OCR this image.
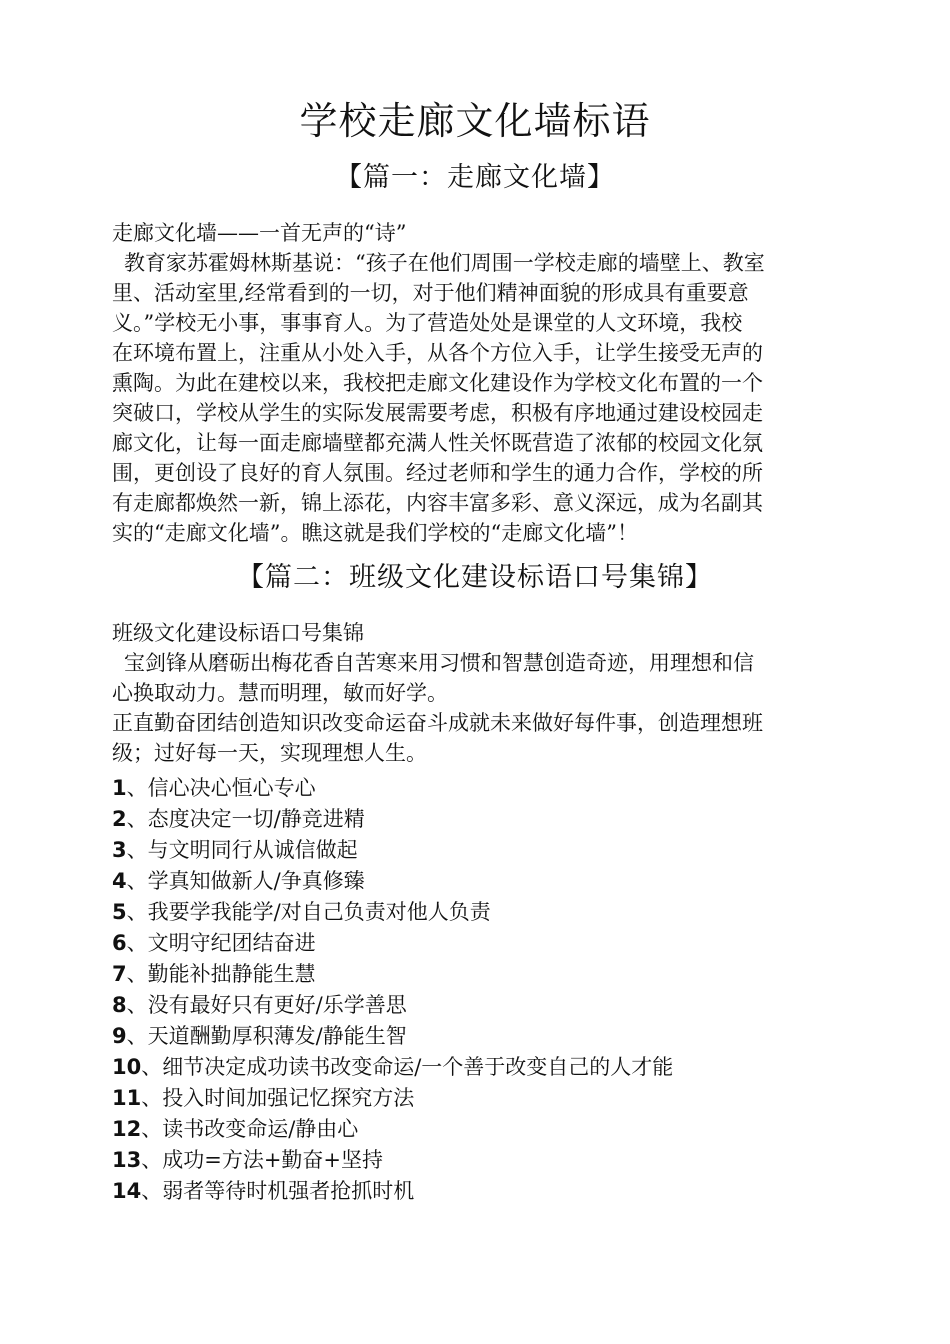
学校走廊文化墙标语
【篇一：走廊文化墙】
走廊文化墙——一首无声的“诗”
教育家苏霍姆林斯基说：“孩子在他们周围一学校走廊的墙壁上、教室
里、活动室里,经常看到的一切，对于他们精神面貌的形成具有重要意
义。”学校无小事，事事育人。为了营造处处是课堂的人文环境，我校
在环境布置上，注重从小处入手，从各个方位入手，让学生接受无声的
熏陶。为此在建校以来，我校把走廊文化建设作为学校文化布置的一个
突破口，学校从学生的实际发展需要考虑，积极有序地通过建设校园走
廊文化，让每一面走廊墙壁都充满人性关怀既营造了浓郁的校园文化氛
围，更创设了良好的育人氛围。经过老师和学生的通力合作，学校的所
有走廊都焕然一新，锦上添花，内容丰富多彩、意义深远，成为名副其
实的“走廊文化墙”。瞧这就是我们学校的“走廊文化墙”！
【篇二：班级文化建设标语口号集锦】
班级文化建设标语口号集锦
宝剑锋从磨砺出梅花香自苦寒来用习惯和智慧创造奇迹，用理想和信
心换取动力。慧而明理，敏而好学。
正直勤奋团结创造知识改变命运奋斗成就未来做好每件事，创造理想班
级；过好每一天，实现理想人生。
1、信心决心恒心专心
2、态度决定一切/静竞进精
3、与文明同行从诚信做起
4、学真知做新人/争真修臻
5、我要学我能学/对自己负责对他人负责
6、文明守纪团结奋进
7、勤能补拙静能生慧
8、没有最好只有更好/乐学善思
9、天道酬勤厚积薄发/静能生智
10、细节决定成功读书改变命运/一个善于改变自己的人才能
11、投入时间加强记忆探究方法
12、读书改变命运/静由心
13、成功=方法+勤奋+坚持
14、弱者等待时机强者抢抓时机
